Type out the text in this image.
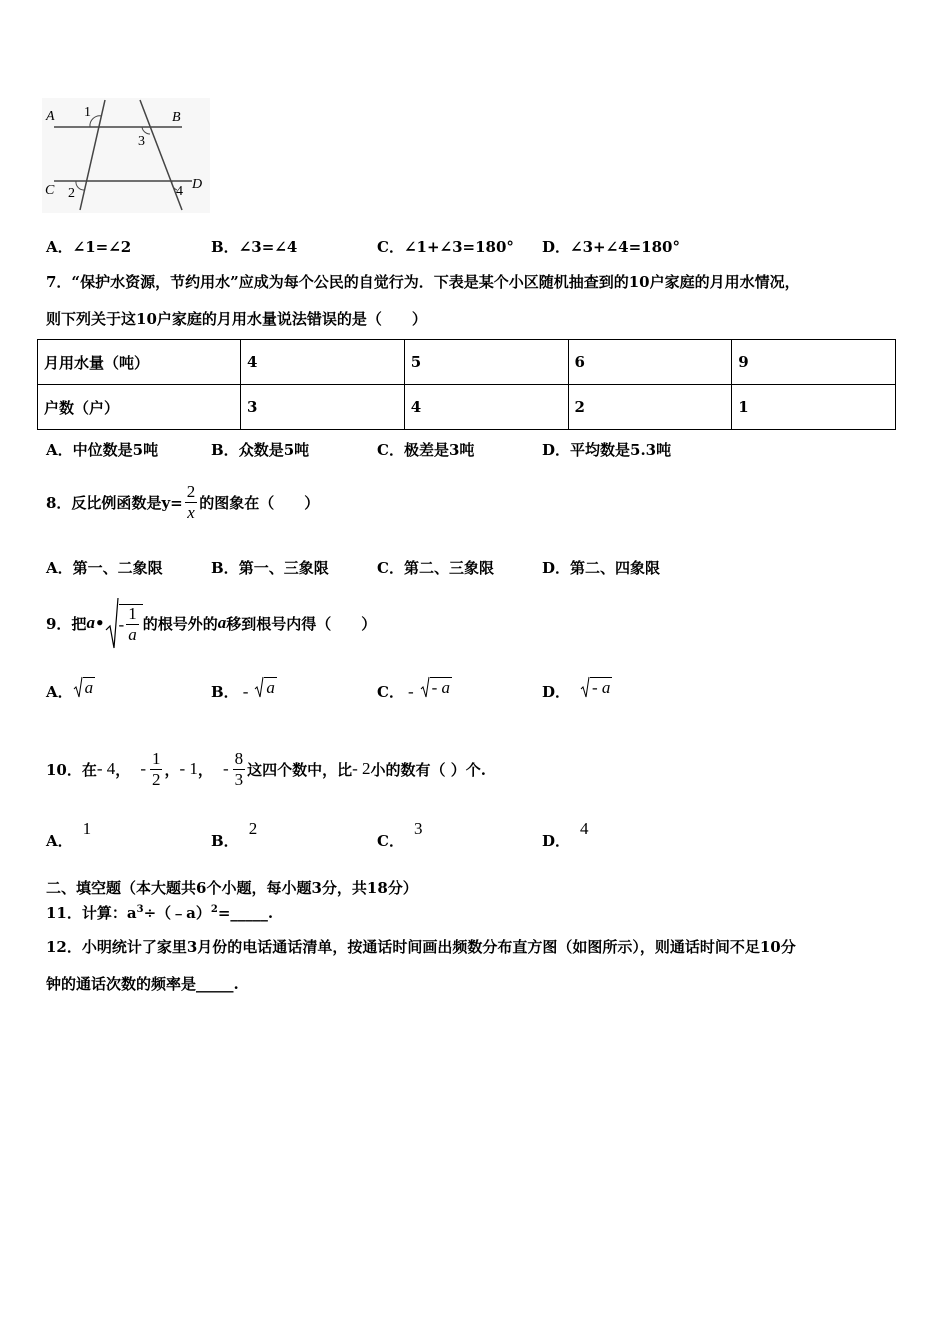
A	B
C	D
1
2
3
4
A．∠1=∠2	B．∠3=∠4	C．∠1+∠3=180° D．∠3+∠4=180°
7．“保护水资源，节约用水”应成为每个公民的自觉行为．下表是某个小区随机抽查到的10户家庭的月用水情况，
则下列关于这10户家庭的月用水量说法错误的是（　　）
月用水量（吨）	4	5	6	9
户数（户）	3	4	2	1
A．中位数是5吨	B．众数是5吨	C．极差是3吨	D．平均数是5.3吨
8．反比例函数是$y= \frac{2}{x}$ 的图象在（　　）
A．第一、二象限	B．第一、三象限	C．第二、三象限	D．第二、四象限
9．把 a • - $\frac{1}{a}$ 的根号外的 a 移到根号内得（　　）
A． a	B． - a	C． - - a	D． - a
10．在 - 4 ， - $\frac{1}{2}$ ， - 1 ， - $\frac{8}{3}$ 这四个数中，比 - 2 小的数有（ ）个.
A．1
B．2
C．3
D．4
二、填空题（本大题共6个小题，每小题3分，共18分）
11．计算：$a^3\div(﹣a)^2=\_\_\_\_\_$.
12．小明统计了家里3月份的电话通话清单，按通话时间画出频数分布直方图（如图所示），则通话时间不足10分
钟的通话次数的频率是_____.
